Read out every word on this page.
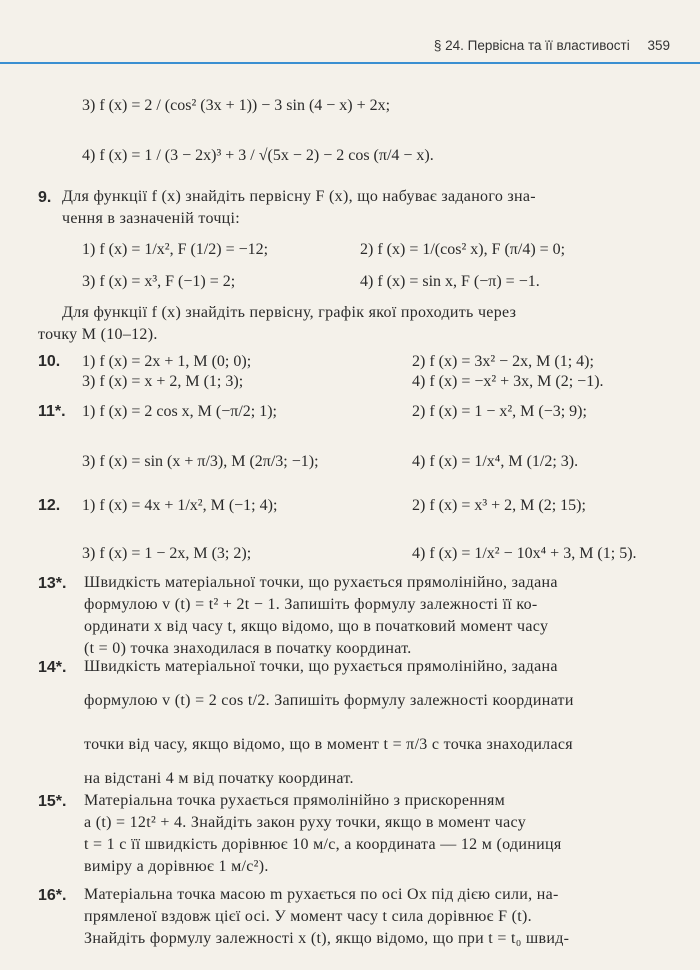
§ 24. Первісна та її властивості 359
3) f (x) = 2 / (cos² (3x + 1)) − 3 sin (4 − x) + 2x;
4) f (x) = 1 / (3 − 2x)³ + 3 / √(5x − 2) − 2 cos (π/4 − x).
9. Для функції f (x) знайдіть первісну F (x), що набуває заданого зна-
чення в зазначеній точці:
1) f (x) = 1/x², F (1/2) = −12;	2) f (x) = 1/(cos² x), F (π/4) = 0;
3) f (x) = x³, F (−1) = 2;	4) f (x) = sin x, F (−π) = −1.
Для функції f (x) знайдіть первісну, графік якої проходить через
точку M (10–12).
10. 1) f (x) = 2x + 1, M (0; 0);	2) f (x) = 3x² − 2x, M (1; 4);
3) f (x) = x + 2, M (1; 3);	4) f (x) = −x² + 3x, M (2; −1).
11*. 1) f (x) = 2 cos x, M (−π/2; 1);	2) f (x) = 1 − x², M (−3; 9);
3) f (x) = sin (x + π/3), M (2π/3; −1);	4) f (x) = 1/x⁴, M (1/2; 3).
12. 1) f (x) = 4x + 1/x², M (−1; 4);	2) f (x) = x³ + 2, M (2; 15);
3) f (x) = 1 − 2x, M (3; 2);	4) f (x) = 1/x² − 10x⁴ + 3, M (1; 5).
13*. Швидкість матеріальної точки, що рухається прямолінійно, задана
формулою v (t) = t² + 2t − 1. Запишіть формулу залежності її ко-
ординати x від часу t, якщо відомо, що в початковий момент часу
(t = 0) точка знаходилася в початку координат.
14*. Швидкість матеріальної точки, що рухається прямолінійно, задана
формулою v (t) = 2 cos t/2. Запишіть формулу залежності координати
точки від часу, якщо відомо, що в момент t = π/3 c точка знаходилася
на відстані 4 м від початку координат.
15*. Матеріальна точка рухається прямолінійно з прискоренням
a (t) = 12t² + 4. Знайдіть закон руху точки, якщо в момент часу
t = 1 с її швидкість дорівнює 10 м/с, а координата — 12 м (одиниця
виміру a дорівнює 1 м/с²).
16*. Матеріальна точка масою m рухається по осі Ox під дією сили, на-
прямленої вздовж цієї осі. У момент часу t сила дорівнює F (t).
Знайдіть формулу залежності x (t), якщо відомо, що при t = t₀ швид-
